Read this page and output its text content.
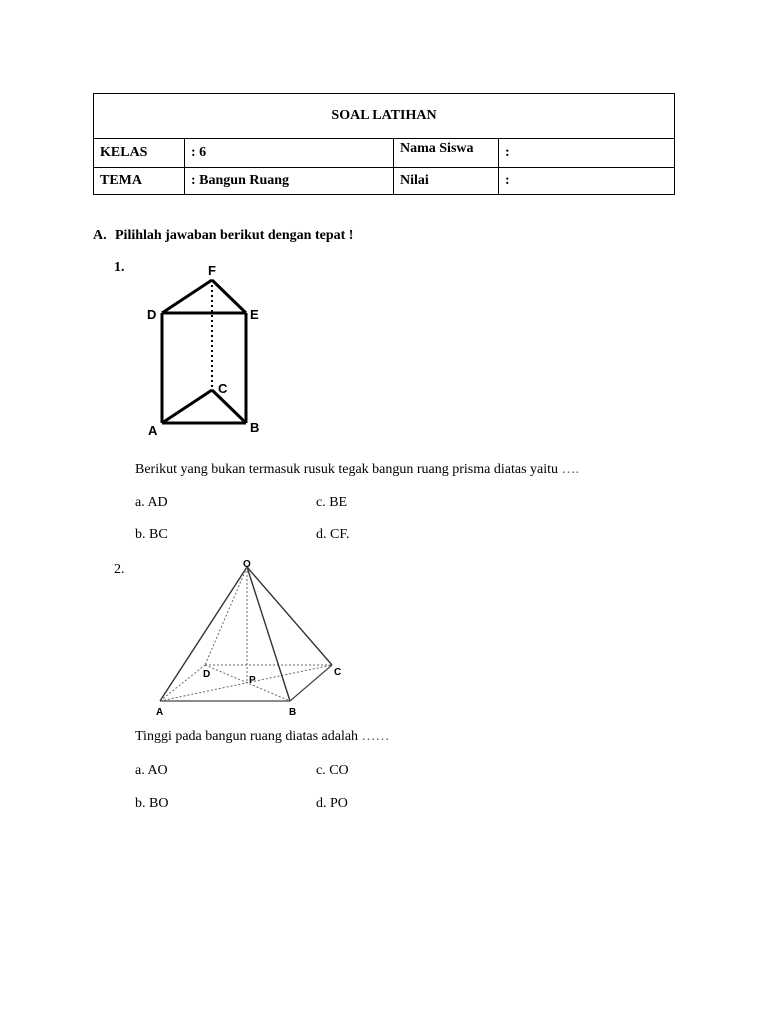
SOAL LATIHAN			
KELAS	: 6	Nama Siswa	:
TEMA	: Bangun Ruang	Nilai	:
A. Pilihlah jawaban berikut dengan tepat !
1.	F
D	E
C
A	B
Berikut yang bukan termasuk rusuk tegak bangun ruang prisma diatas yaitu ….
a. AD	c. BE
b. BC	d. CF.
2.	O
D
P
C
A	B
Tinggi pada bangun ruang diatas adalah ……
a. AO	c. CO
b. BO	d. PO
